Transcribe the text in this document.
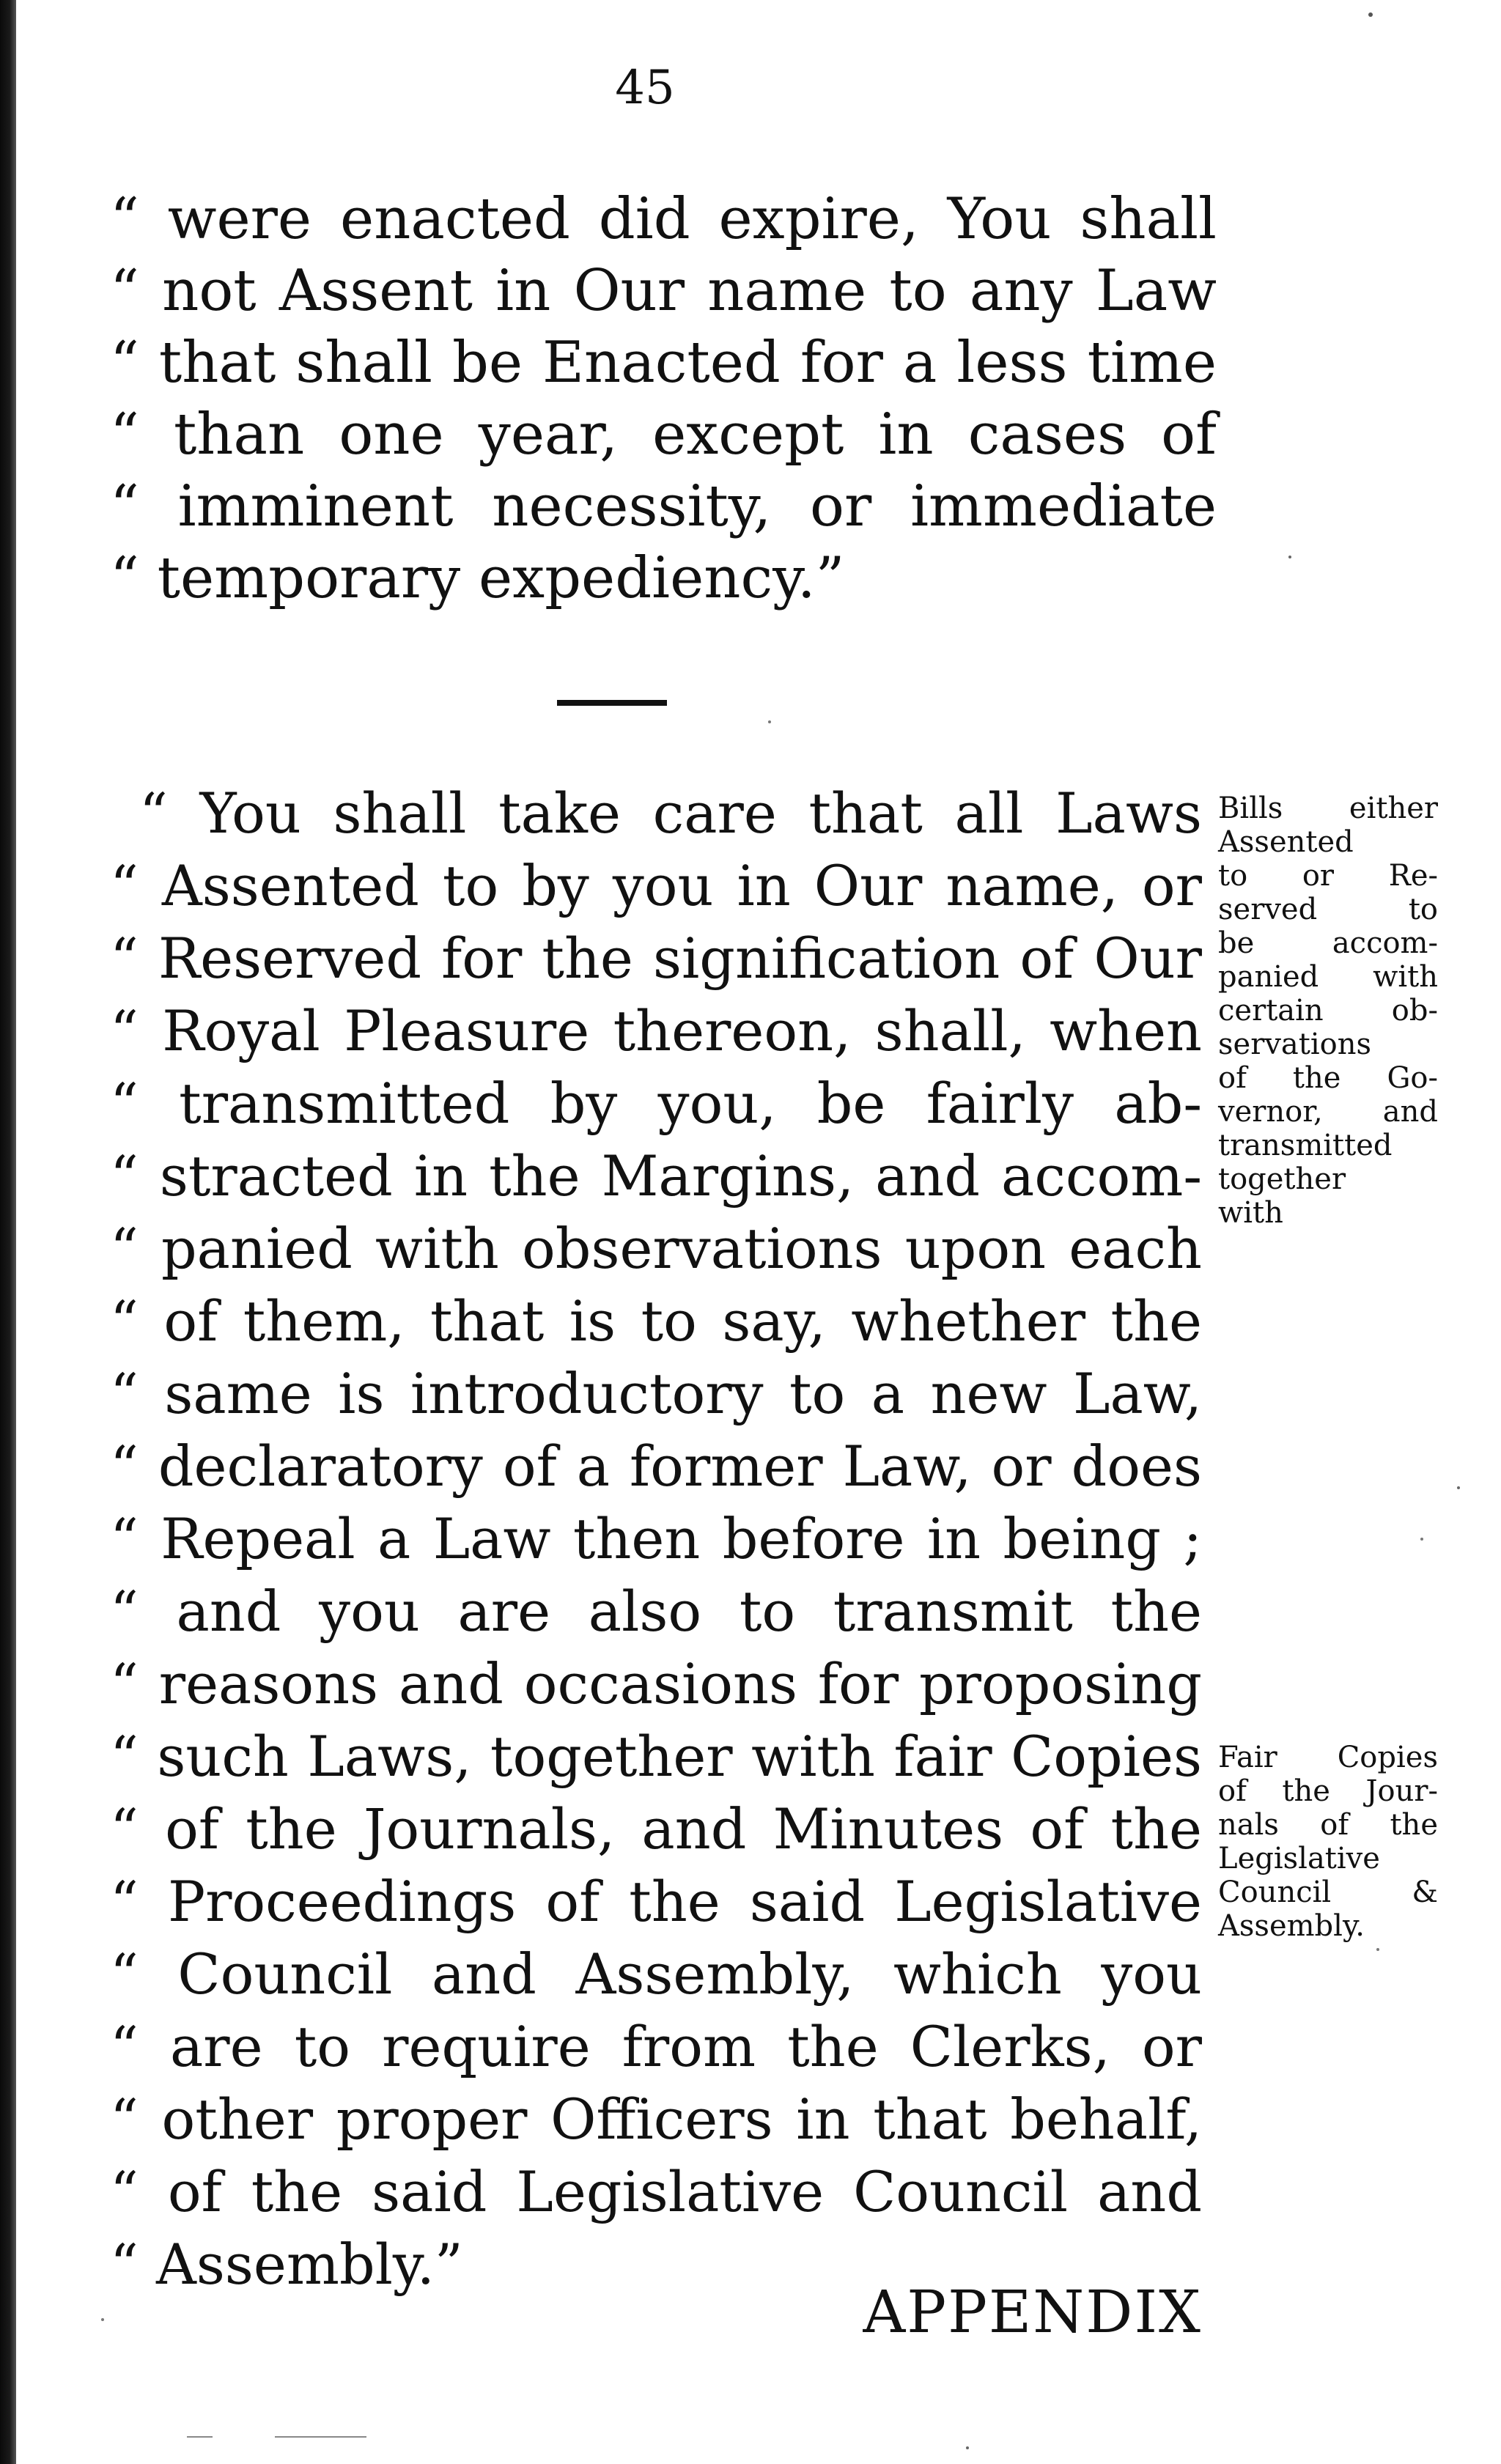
45
“ were enacted did expire, You shall
“ not Assent in Our name to any Law
“ that shall be Enacted for a less time
“ than one year, except in cases of
“ imminent necessity, or immediate
“ temporary expediency.”
“ You shall take care that all Laws
“ Assented to by you in Our name, or
“ Reserved for the signification of Our
“ Royal Pleasure thereon, shall, when
“ transmitted by you, be fairly ab-
“ stracted in the Margins, and accom-
“ panied with observations upon each
“ of them, that is to say, whether the
“ same is introductory to a new Law,
“ declaratory of a former Law, or does
“ Repeal a Law then before in being ;
“ and you are also to transmit the
“ reasons and occasions for proposing
“ such Laws, together with fair Copies
“ of the Journals, and Minutes of the
“ Proceedings of the said Legislative
“ Council and Assembly, which you
“ are to require from the Clerks, or
“ other proper Officers in that behalf,
“ of the said Legislative Council and
“ Assembly.”
Bills either
Assented
to or Re-
served to
be accom-
panied with
certain ob-
servations
of the Go-
vernor, and
transmitted
together
with
Fair Copies
of the Jour-
nals of the
Legislative
Council &
Assembly.
APPENDIX
